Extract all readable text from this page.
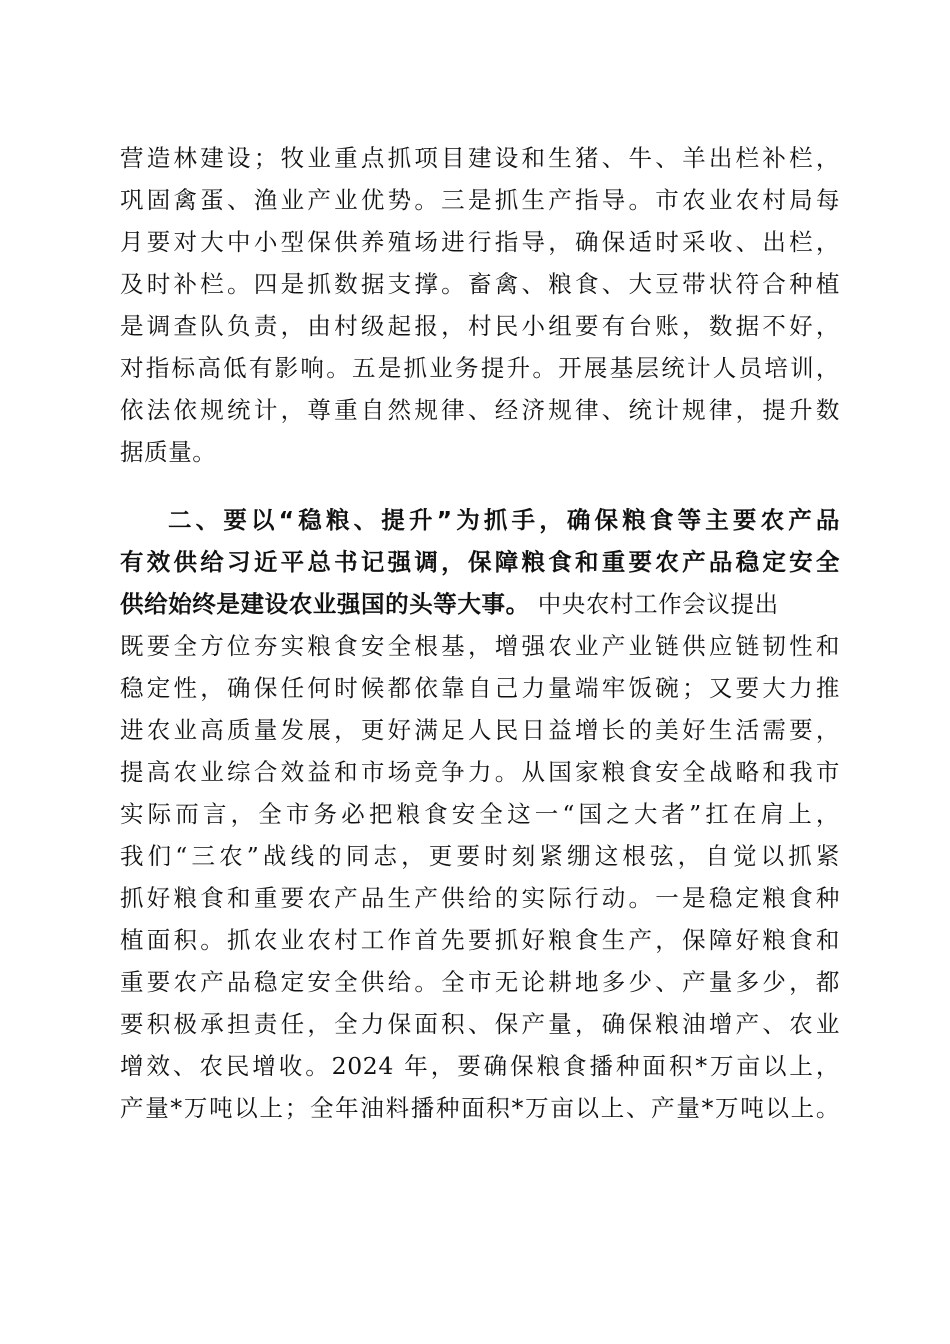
营造林建设；牧业重点抓项目建设和生猪、牛、羊出栏补栏，
巩固禽蛋、渔业产业优势。三是抓生产指导。市农业农村局每
月要对大中小型保供养殖场进行指导，确保适时采收、出栏，
及时补栏。四是抓数据支撑。畜禽、粮食、大豆带状符合种植
是调查队负责，由村级起报，村民小组要有台账，数据不好，
对指标高低有影响。五是抓业务提升。开展基层统计人员培训，
依法依规统计，尊重自然规律、经济规律、统计规律，提升数
据质量。
二、要以“稳粮、提升”为抓手，确保粮食等主要农产品
有效供给习近平总书记强调，保障粮食和重要农产品稳定安全
供给始终是建设农业强国的头等大事。 中央农村工作会议提出
既要全方位夯实粮食安全根基，增强农业产业链供应链韧性和
稳定性，确保任何时候都依靠自己力量端牢饭碗；又要大力推
进农业高质量发展，更好满足人民日益增长的美好生活需要，
提高农业综合效益和市场竞争力。从国家粮食安全战略和我市
实际而言，全市务必把粮食安全这一“国之大者”扛在肩上，
我们“三农”战线的同志，更要时刻紧绷这根弦，自觉以抓紧
抓好粮食和重要农产品生产供给的实际行动。一是稳定粮食种
植面积。抓农业农村工作首先要抓好粮食生产，保障好粮食和
重要农产品稳定安全供给。全市无论耕地多少、产量多少，都
要积极承担责任，全力保面积、保产量，确保粮油增产、农业
增效、农民增收。2024 年，要确保粮食播种面积*万亩以上，
产量*万吨以上；全年油料播种面积*万亩以上、产量*万吨以上。
